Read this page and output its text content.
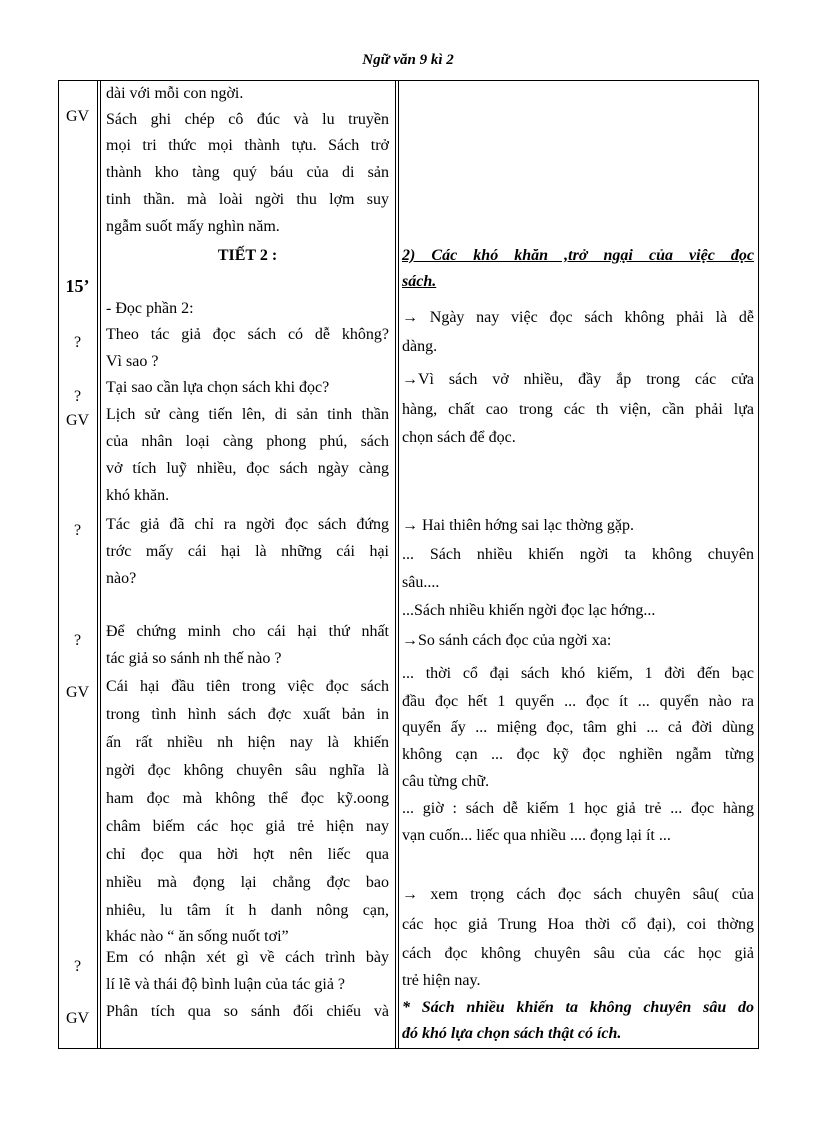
Ngữ văn 9 kì 2
GV
15’
?
?
GV
?
?
GV
?
GV
dài với mỗi con ngời.
Sách ghi chép cô đúc và lu truyền
mọi tri thức mọi thành tựu. Sách trở
thành kho tàng quý báu của di sản
tinh thần. mà loài ngời thu lợm suy
ngẫm suốt mấy nghìn năm.
TIẾT 2 :
- Đọc phần 2:
Theo tác giả đọc sách có dễ không?
Vì sao ?
Tại sao cần lựa chọn sách khi đọc?
Lịch sử càng tiến lên, di sản tinh thần
của nhân loại càng phong phú, sách
vở tích luỹ nhiều, đọc sách ngày càng
khó khăn.
Tác giả đã chỉ ra ngời đọc sách đứng
trớc mấy cái hại là những cái hại
nào?
Để chứng minh cho cái hại thứ nhất
tác giả so sánh nh thế nào ?
Cái hại đầu tiên trong việc đọc sách
trong tình hình sách đợc xuất bản in
ấn rất nhiều nh hiện nay là khiến
ngời đọc không chuyên sâu nghĩa là
ham đọc mà không thể đọc kỹ.oong
châm biếm các học giả trẻ hiện nay
chỉ đọc qua hời hợt nên liếc qua
nhiều mà đọng lại chẳng đợc bao
nhiêu, lu tâm ít h danh nông cạn,
khác nào “ ăn sống nuốt tơi”
Em có nhận xét gì về cách trình bày
lí lẽ và thái độ bình luận của tác giả ?
Phân tích qua so sánh đối chiếu và
2) Các khó khăn ,trở ngại của việc đọc
sách.
→ Ngày nay việc đọc sách không phải là dễ
dàng.
→Vì sách vở nhiều, đầy ắp trong các cửa
hàng, chất cao trong các th viện, cần phải lựa
chọn sách để đọc.
→ Hai thiên hớng sai lạc thờng gặp.
... Sách nhiều khiến ngời ta không chuyên
sâu....
...Sách nhiều khiến ngời đọc lạc hớng...
→So sánh cách đọc của ngời xa:
... thời cổ đại sách khó kiếm, 1 đời đến bạc
đầu đọc hết 1 quyển ... đọc ít ... quyển nào ra
quyển ấy ... miệng đọc, tâm ghi ... cả đời dùng
không cạn ... đọc kỹ đọc nghiền ngẫm từng
câu từng chữ.
... giờ : sách dễ kiếm 1 học giả trẻ ... đọc hàng
vạn cuốn... liếc qua nhiều .... đọng lại ít ...
→ xem trọng cách đọc sách chuyên sâu( của
các học giả Trung Hoa thời cổ đại), coi thờng
cách đọc không chuyên sâu của các học giả
trẻ hiện nay.
* Sách nhiều khiến ta không chuyên sâu do
đó khó lựa chọn sách thật có ích.
